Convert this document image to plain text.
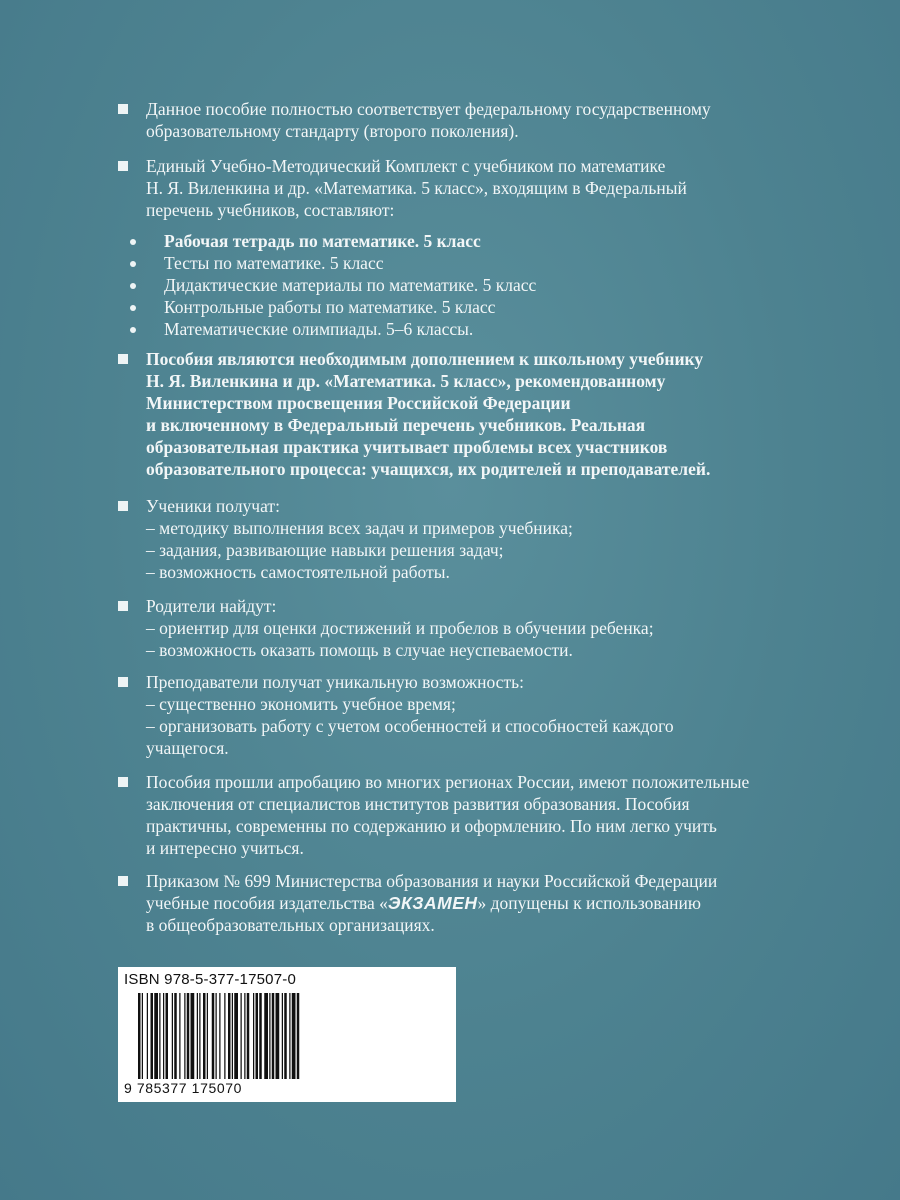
Данное пособие полностью соответствует федеральному государственному
образовательному стандарту (второго поколения).
Единый Учебно-Методический Комплект с учебником по математике
Н. Я. Виленкина и др. «Математика. 5 класс», входящим в Федеральный
перечень учебников, составляют:
Рабочая тетрадь по математике. 5 класс
Тесты по математике. 5 класс
Дидактические материалы по математике. 5 класс
Контрольные работы по математике. 5 класс
Математические олимпиады. 5–6 классы.
Пособия являются необходимым дополнением к школьному учебнику
Н. Я. Виленкина и др. «Математика. 5 класс», рекомендованному
Министерством просвещения Российской Федерации
и включенному в Федеральный перечень учебников. Реальная
образовательная практика учитывает проблемы всех участников
образовательного процесса: учащихся, их родителей и преподавателей.
Ученики получат:
– методику выполнения всех задач и примеров учебника;
– задания, развивающие навыки решения задач;
– возможность самостоятельной работы.
Родители найдут:
– ориентир для оценки достижений и пробелов в обучении ребенка;
– возможность оказать помощь в случае неуспеваемости.
Преподаватели получат уникальную возможность:
– существенно экономить учебное время;
– организовать работу с учетом особенностей и способностей каждого
учащегося.
Пособия прошли апробацию во многих регионах России, имеют положительные
заключения от специалистов институтов развития образования. Пособия
практичны, современны по содержанию и оформлению. По ним легко учить
и интересно учиться.
Приказом № 699 Министерства образования и науки Российской Федерации
учебные пособия издательства «ЭКЗАМЕН» допущены к использованию
в общеобразовательных организациях.
ISBN 978-5-377-17507-0
9 785377 175070
